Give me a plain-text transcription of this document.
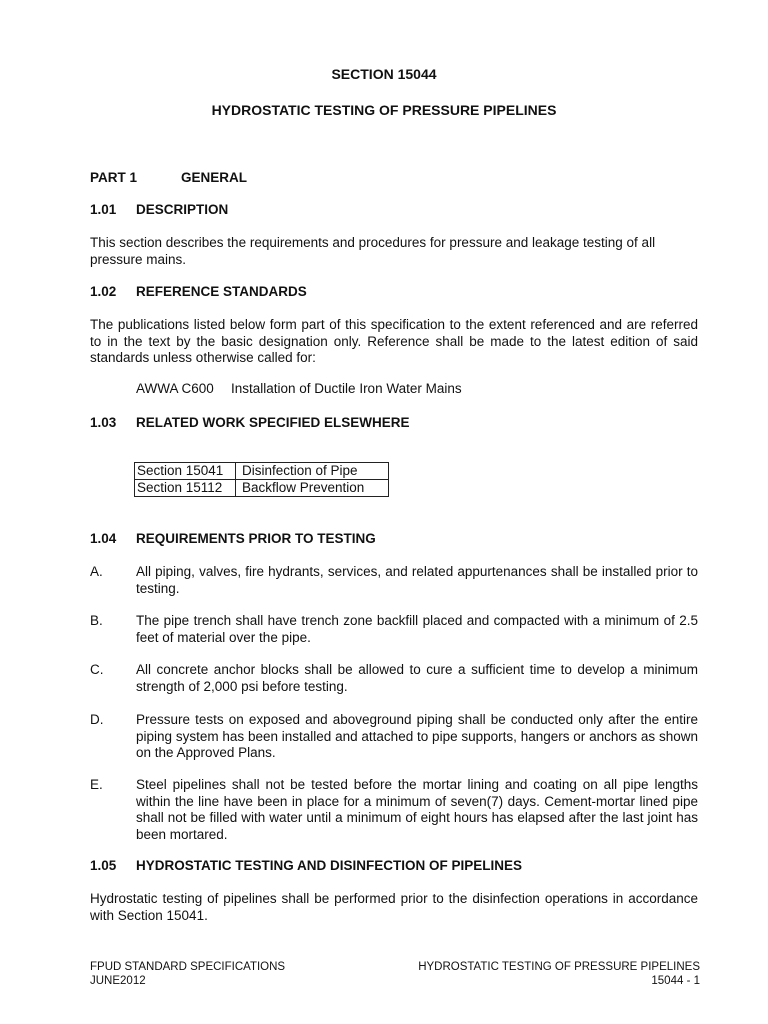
SECTION 15044
HYDROSTATIC TESTING OF PRESSURE PIPELINES
PART 1	GENERAL
1.01 DESCRIPTION
This section describes the requirements and procedures for pressure and leakage testing of all pressure mains.
1.02 REFERENCE STANDARDS
The publications listed below form part of this specification to the extent referenced and are referred to in the text by the basic designation only. Reference shall be made to the latest edition of said standards unless otherwise called for:
AWWA C600 Installation of Ductile Iron Water Mains
1.03 RELATED WORK SPECIFIED ELSEWHERE
Section 15041	Disinfection of Pipe
Section 15112	Backflow Prevention
1.04 REQUIREMENTS PRIOR TO TESTING
A.	All piping, valves, fire hydrants, services, and related appurtenances shall be installed prior to testing.
B.	The pipe trench shall have trench zone backfill placed and compacted with a minimum of 2.5 feet of material over the pipe.
C.	All concrete anchor blocks shall be allowed to cure a sufficient time to develop a minimum strength of 2,000 psi before testing.
D.	Pressure tests on exposed and aboveground piping shall be conducted only after the entire piping system has been installed and attached to pipe supports, hangers or anchors as shown on the Approved Plans.
E.	Steel pipelines shall not be tested before the mortar lining and coating on all pipe lengths within the line have been in place for a minimum of seven(7) days. Cement-mortar lined pipe shall not be filled with water until a minimum of eight hours has elapsed after the last joint has been mortared.
1.05 HYDROSTATIC TESTING AND DISINFECTION OF PIPELINES
Hydrostatic testing of pipelines shall be performed prior to the disinfection operations in accordance with Section 15041.
FPUD STANDARD SPECIFICATIONS
JUNE2012
HYDROSTATIC TESTING OF PRESSURE PIPELINES
15044 - 1
